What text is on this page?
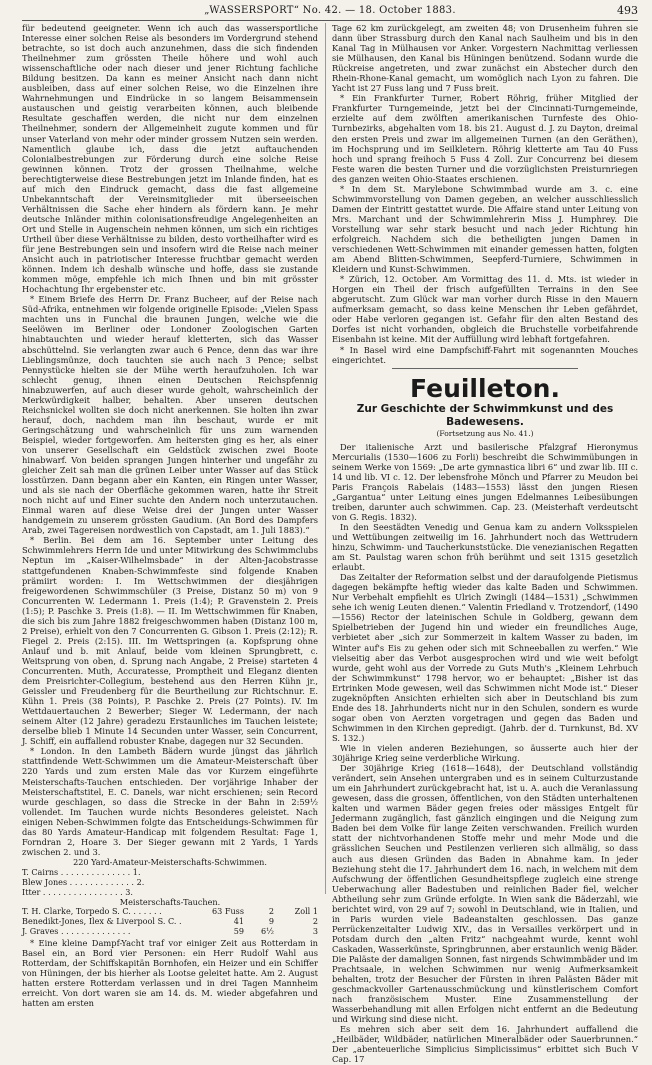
„WASSERSPORT“ No. 42. — 18. October 1883.	493

für bedeutend geeigneter. Wenn ich auch das wassersportliche Interesse einer solchen Reise als besonders im Vordergrund stehend betrachte, so ist doch auch anzunehmen, dass die sich findenden Theilnehmer zum grössten Theile höhere und wohl auch wissenschaftliche oder nach dieser und jener Richtung fachliche Bildung besitzen. Da kann es meiner Ansicht nach dann nicht ausbleiben, dass auf einer solchen Reise, wo die Einzelnen ihre Wahrnehmungen und Eindrücke in so langem Beisammensein austauschen und geistig verarbeiten können, auch bleibende Resultate geschaffen werden, die nicht nur dem einzelnen Theilnehmer, sondern der Allgemeinheit zugute kommen und für unser Vaterland von mehr oder minder grossem Nutzen sein werden. Namentlich glaube ich, dass die jetzt auftauchenden Colonialbestrebungen zur Förderung durch eine solche Reise gewinnen können. Trotz der grossen Theilnahme, welche berechtigterweise diese Bestrebungen jetzt im Inlande finden, hat es auf mich den Eindruck gemacht, dass die fast allgemeine Unbekanntschaft der Vereinsmitglieder mit überseeischen Verhältnissen die Sache eher hindern als fördern kann. Je mehr deutsche Inländer mithin colonisationsfreudige Angelegenheiten an Ort und Stelle in Augenschein nehmen können, um sich ein richtiges Urtheil über diese Verhältnisse zu bilden, desto vortheilhafter wird es für jene Bestrebungen sein und insofern wird die Reise nach meiner Ansicht auch in patriotischer Interesse fruchtbar gemacht werden können. Indem ich deshalb wünsche und hoffe, dass sie zustande kommen möge, empfehle ich mich Ihnen und bin mit grösster Hochachtung Ihr ergebenster etc.

* Einem Briefe des Herrn Dr. Franz Bucheer, auf der Reise nach Süd-Afrika, entnehmen wir folgende originelle Episode: „Vielen Spass machten uns in Funchal die braunen Jungen, welche wie die Seelöwen im Berliner oder Londoner Zoologischen Garten hinabtauchten und wieder herauf kletterten, sich das Wasser abschüttelnd. Sie verlangten zwar auch 6 Pence, denn das war ihre Lieblingsmünze, doch tauchten sie auch nach 3 Pence; selbst Pennystücke hielten sie der Mühe werth heraufzuholen. Ich war schlecht genug, ihnen einen Deutschen Reichspfennig hinabzuwerfen, auf auch dieser wurde geholt, wahrscheinlich der Merkwürdigkeit halber, behalten. Aber unseren deutschen Reichsnickel wollten sie doch nicht anerkennen. Sie holten ihn zwar herauf, doch, nachdem man ihn beschaut, wurde er mit Geringschätzung und wahrscheinlich für uns zum warnenden Beispiel, wieder fortgeworfen. Am heitersten ging es her, als einer von unserer Gesellschaft ein Geldstück zwischen zwei Boote hinabwarf. Von beiden sprangen Jungen hinterher und ungefähr zu gleicher Zeit sah man die grünen Leiber unter Wasser auf das Stück losstürzen. Dann begann aber ein Kanten, ein Ringen unter Wasser, und als sie nach der Oberfläche gekommen waren, hatte ihr Streit noch nicht auf und Einer suchte den Andern noch unterzutauchen. Einmal waren auf diese Weise drei der Jungen unter Wasser handgemein zu unserem grössten Gaudium. (An Bord des Dampfers Arab, zwei Tagereisen nordwestlich von Capstadt, am 1. Juli 1883).“

* Berlin. Bei dem am 16. September unter Leitung des Schwimmlehrers Herrn Ide und unter Mitwirkung des Schwimmclubs Neptun im „Kaiser-Wilhelmsbade“ in der Alten-Jacobstrasse stattgefundenen Knaben-Schwimmfeste sind folgende Knaben prämiirt worden: I. Im Wettschwimmen der diesjährigen freigewordenen Schwimmschüler (3 Preise, Distanz 50 m) von 9 Concurrenten W. Ledermann 1. Preis (1:4); P. Gravenstein 2. Preis (1:5); P. Paschke 3. Preis (1:8). — II. Im Wettschwimmen für Knaben, die sich bis zum Jahre 1882 freigeschwommen haben (Distanz 100 m, 2 Preise), erhielt von den 7 Concurrenten G. Gibson 1. Preis (2:12); R. Fiegel 2. Preis (2:15). III. Im Wettspringen (a. Kopfsprung ohne Anlauf und b. mit Anlauf, beide vom kleinen Sprungbrett, c. Weitsprung von oben, d. Sprung nach Angabe, 2 Preise) starteten 4 Concurrenten. Muth, Accuratesse, Promptheit und Eleganz dienten dem Preisrichter-Collegium, bestehend aus den Herren Kühn jr., Geissler und Freudenberg für die Beurtheilung zur Richtschnur. E. Kühn 1. Preis (38 Points), P. Paschke 2. Preis (27 Points). IV. Im Wettdauertauchen 2 Bewerber; Sieger W. Ledermann, der nach seinem Alter (12 Jahre) geradezu Erstaunliches im Tauchen leistete; derselbe blieb 1 Minute 14 Secunden unter Wasser, sein Concurrent, J. Schiff, ein auffallend robuster Knabe, dagegen nur 32 Secunden.

* London. In den Lambeth Bädern wurde jüngst das jährlich stattfindende Wett-Schwimmen um die Amateur-Meisterschaft über 220 Yards und zum ersten Male das vor Kurzem eingeführte Meisterschafts-Tauchen entschieden. Der vorjährige Inhaber der Meisterschaftstitel, E. C. Danels, war nicht erschienen; sein Record wurde geschlagen, so dass die Strecke in der Bahn in 2:59½ vollendet. Im Tauchen wurde nichts Besonderes geleistet. Nach einigen Neben-Schwimmen folgte das Entscheidungs-Schwimmen für das 80 Yards Amateur-Handicap mit folgendem Resultat: Fage 1, Forndran 2, Hoare 3. Der Sieger gewann mit 2 Yards, 1 Yards zwischen 2. und 3.

220 Yard-Amateur-Meisterschafts-Schwimmen.
T. Cairns . . . . . . . . . . . . . . 1.
Blew Jones . . . . . . . . . . . . . 2.
Itter . . . . . . . . . . . . . . . . 3.
Meisterschafts-Tauchen.
T. H. Clarke, Torpedo S. C. . . . . . .	63 Fuss	2	Zoll 1
Benedikt-Jones, Ilex & Liverpool S. C. .	41	9	2
J. Graves . . . . . . . . . . . . . .	59	6½	3

* Eine kleine Dampf-Yacht traf vor einiger Zeit aus Rotterdam in Basel ein, an Bord vier Personen: ein Herr Rudolf Wahl aus Rotterdam, der Schiffskapitän Bornhofen, ein Heizer und ein Schiffer von Hüningen, der bis hierher als Lootse geleitet hatte. Am 2. August hatten erstere Rotterdam verlassen und in drei Tagen Mannheim erreicht. Von dort waren sie am 14. ds. M. wieder abgefahren und hatten am ersten

Tage 62 km zurückgelegt, am zweiten 48; von Drusenheim fuhren sie dann über Strassburg durch den Kanal nach Saulheim und bis in den Kanal Tag in Mülhausen vor Anker. Vorgestern Nachmittag verliessen sie Mülhausen, den Kanal bis Hüningen benützend. Sodann wurde die Rückreise angetreten, und zwar zunächst ein Abstecher durch den Rhein-Rhone-Kanal gemacht, um womöglich nach Lyon zu fahren. Die Yacht ist 27 Fuss lang und 7 Fuss breit.

* Ein Frankfurter Turner, Robert Röhrig, früher Mitglied der Frankfurter Turngemeinde, jetzt bei der Cincinnati-Turngemeinde, erzielte auf dem zwölften amerikanischen Turnfeste des Ohio-Turnbezirks, abgehalten vom 18. bis 21. August d. J. zu Dayton, dreimal den ersten Preis und zwar im allgemeinen Turnen (an den Geräthen), im Hochsprung und im Seilkletern. Röhrig kletterte am Tau 40 Fuss hoch und sprang freihoch 5 Fuss 4 Zoll. Zur Concurrenz bei diesem Feste waren die besten Turner und die vorzüglichsten Preisturnriegen des ganzen weiten Ohio-Staates erschienen.

* In dem St. Marylebone Schwimmbad wurde am 3. c. eine Schwimmvorstellung von Damen gegeben, an welcher ausschliesslich Damen der Eintritt gestattet wurde. Die Affaire stand unter Leitung von Mrs. Marchant und der Schwimmlehrerin Miss J. Humphrey. Die Vorstellung war sehr stark besucht und nach jeder Richtung hin erfolgreich. Nachdem sich die betheiligten jungen Damen in verschiedenen Wett-Schwimmen mit einander gemessen hatten, folgten am Abend Blitten-Schwimmen, Seepferd-Turniere, Schwimmen in Kleidern und Kunst-Schwimmen.

* Zürich, 12. October. Am Vormittag des 11. d. Mts. ist wieder in Horgen ein Theil der frisch aufgefüllten Terrains in den See abgerutscht. Zum Glück war man vorher durch Risse in den Mauern aufmerksam gemacht, so dass keine Menschen ihr Leben gefährdet, oder Habe verloren gegangen ist. Gefahr für den alten Bestand des Dorfes ist nicht vorhanden, obgleich die Bruchstelle vorbeifahrende Eisenbahn ist keine. Mit der Auffüllung wird lebhaft fortgefahren.

* In Basel wird eine Dampfschiff-Fahrt mit sogenannten Mouches eingerichtet.

Feuilleton.
Zur Geschichte der Schwimmkunst und des Badewesens.
(Fortsetzung aus No. 41.)

Der italienische Arzt und basilerische Pfalzgraf Hieronymus Mercurialis (1530—1606 zu Forli) beschreibt die Schwimmübungen in seinem Werke von 1569: „De arte gymnastica libri 6“ und zwar lib. III c. 14 und lib. VI c. 12. Der lebensfrohe Mönch und Pfarrer zu Meudon bei Paris François Rabelais (1483—1553) lässt den jungen Riesen „Gargantua“ unter Leitung eines jungen Edelmannes Leibesübungen treiben, darunter auch schwimmen. Cap. 23. (Meisterhaft verdeutscht von G. Regis. 1832).

In den Seestädten Venedig und Genua kam zu andern Volksspielen und Wettübungen zeitweilig im 16. Jahrhundert noch das Wettrudern hinzu, Schwimm- und Taucherkunststücke. Die venezianischen Regatten am St. Paulstag waren schon früh berühmt und seit 1315 gesetzlich erlaubt.

Das Zeitalter der Reformation selbst und der daraufolgende Pietismus dagegen bekämpfte heftig wieder das kalte Baden und Schwimmen. Nur Verbehalt empfiehlt es Ulrich Zwingli (1484—1531) „Schwimmen sehe ich wenig Leuten dienen.“ Valentin Friedland v. Trotzendorf, (1490—1556) Rector der lateinischen Schule in Goldberg, gewann dem Spielbetrieben der Jugend hin und wieder ein freundliches Auge, verbietet aber „sich zur Sommerzeit in kaltem Wasser zu baden, im Winter auf's Eis zu gehen oder sich mit Schneeballen zu werfen.“ Wie vielseitig aber das Verbot ausgesprochen wird und wie weit befolgt wurde, geht wohl aus der Vorrede zu Guts Muth's „Kleinem Lehrbuch der Schwimmkunst“ 1798 hervor, wo er behauptet: „Bisher ist das Ertrinken Mode gewesen, weil das Schwimmen nicht Mode ist.“ Dieser zugeknöpften Ansichten erhielten sich aber in Deutschland bis zum Ende des 18. Jahrhunderts nicht nur in den Schulen, sondern es wurde sogar oben von Aerzten vorgetragen und gegen das Baden und Schwimmen in den Kirchen gepredigt. (Jahrb. der d. Turnkunst, Bd. XV S. 132.)

Wie in vielen anderen Beziehungen, so äusserte auch hier der 30jährige Krieg seine verderbliche Wirkung.

Der 30jährige Krieg (1618—1648), der Deutschland vollständig verändert, sein Ansehen untergraben und es in seinem Culturzustande um ein Jahrhundert zurückgebracht hat, ist u. A. auch die Veranlassung gewesen, dass die grossen, öffentlichen, von den Städten unterhaltenen kalten und warmen Bäder gegen freies oder mässiges Entgelt für Jedermann zugänglich, fast gänzlich eingingen und die Neigung zum Baden bei dem Volke für lange Zeiten verschwanden. Freilich wurden statt der nichtvorhandenen Stoffe mehr und mehr Mode und die grässlichen Seuchen und Pestilenzen verlieren sich allmälig, so dass auch aus diesen Gründen das Baden in Abnahme kam. In jeder Beziehung steht die 17. Jahrhundert dem 16. nach, in welchem mit dem Aufschwung der öffentlichen Gesundheitspflege zugleich eine strenge Ueberwachung aller Badestuben und reinlichen Bader fiel, welcher Abtheilung sehr zum Gründe erfolgte. In Wien sank die Bäderzahl, wie berichtet wird, von 29 auf 7; sowohl in Deutschland, wie in Italien, und in Paris wurden viele Badeanstalten geschlossen. Das ganze Perrückenzeitalter Ludwig XIV., das in Versailles verkörpert und in Potsdam durch den „alten Fritz“ nachgeahmt wurde, kennt wohl Caskaden, Wasserkünste, Springbrunnen, aber erstaunlich wenig Bäder. Die Paläste der damaligen Sonnen, fast nirgends Schwimmbäder und im Prachtsaale, in welchen Schwimmen nur wenig Aufmerksamkeit behalten, trotz der Besucher der Fürsten in ihren Palästen Bäder mit geschmackvoller Gartenausschmückung und künstlerischem Comfort nach französischem Muster. Eine Zusammenstellung der Wasserbehandlung mit allen Erfolgen nicht entfernt an die Bedeutung und Wirkung sind diese nicht.

Es mehren sich aber seit dem 16. Jahrhundert auffallend die „Heilbäder, Wildbäder, natürlichen Mineralbäder oder Sauerbrunnen.“ Der „abenteuerliche Simplicius Simplicissimus“ erbittet sich Buch V Cap. 17
